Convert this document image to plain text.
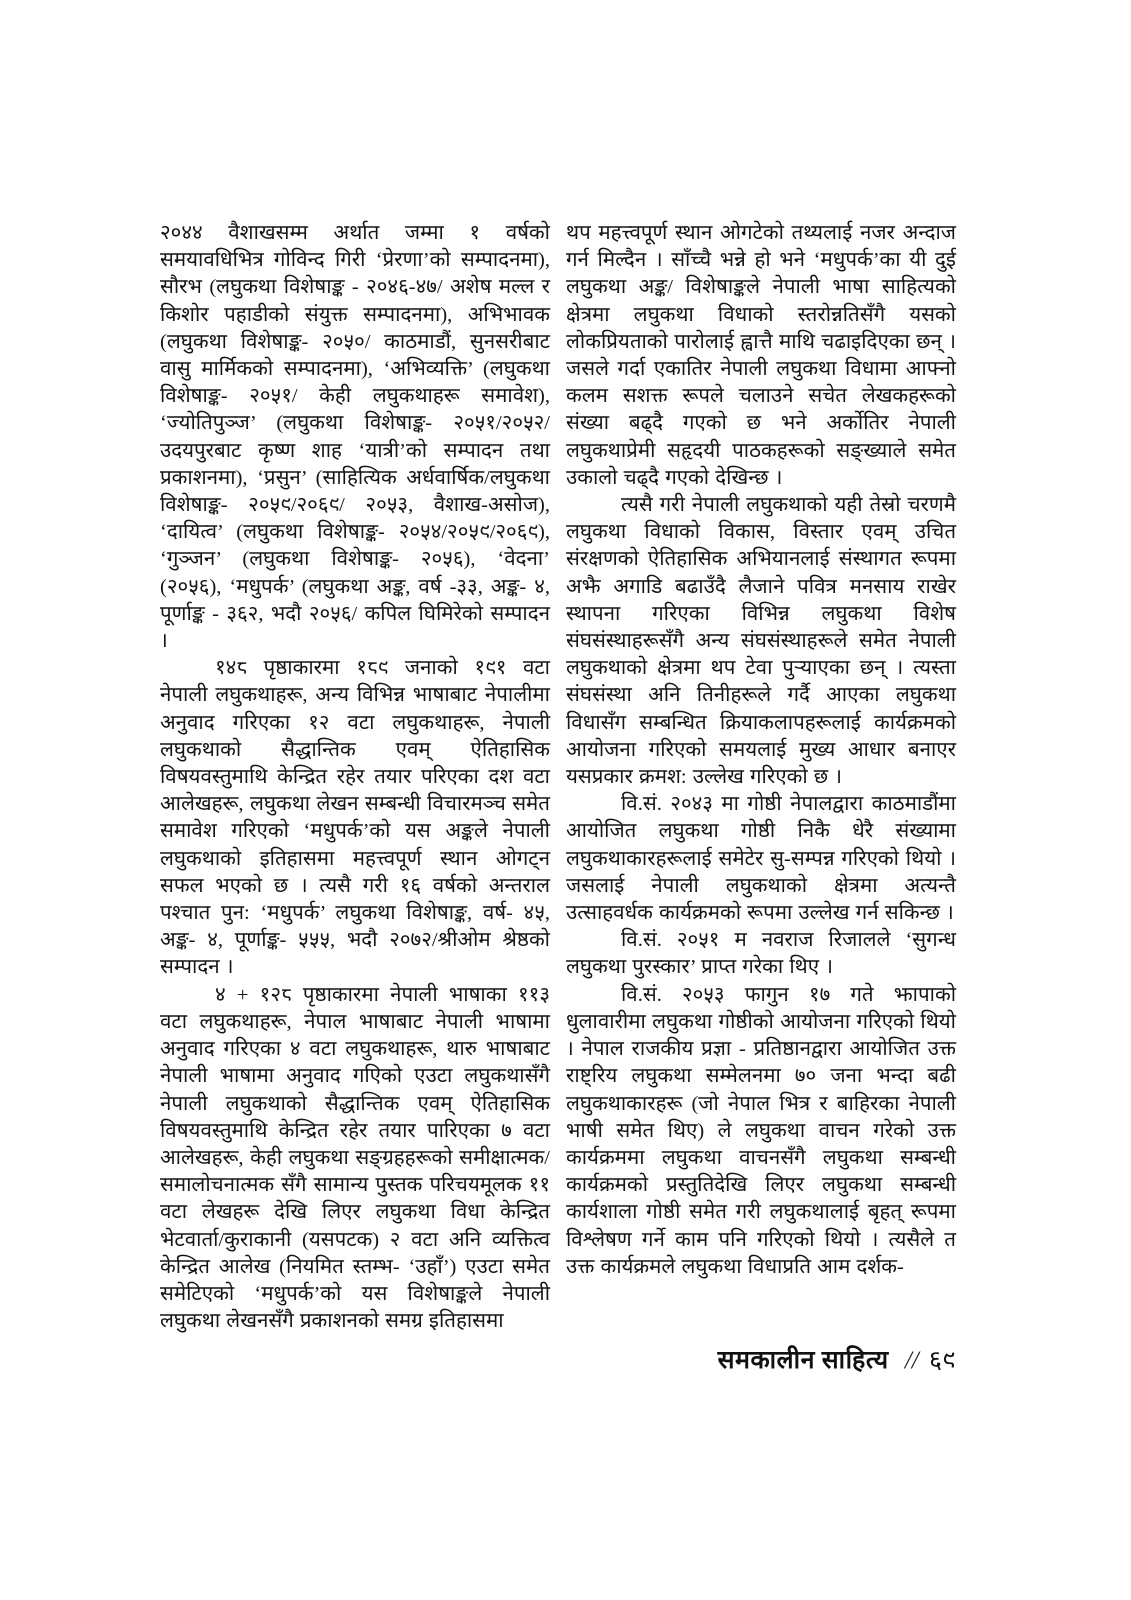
२०४४ वैशाखसम्म अर्थात जम्मा १ वर्षको समयावधिभित्र गोविन्द गिरी ‘प्रेरणा’को सम्पादनमा), सौरभ (लघुकथा विशेषाङ्क - २०४६-४७/ अशेष मल्ल र किशोर पहाडीको संयुक्त सम्पादनमा), अभिभावक (लघुकथा विशेषाङ्क- २०५०/ काठमाडौं, सुनसरीबाट वासु मार्मिकको सम्पादनमा), ‘अभिव्यक्ति’ (लघुकथा विशेषाङ्क- २०५१/ केही लघुकथाहरू समावेश), ‘ज्योतिपुञ्ज’ (लघुकथा विशेषाङ्क- २०५१/२०५२/उदयपुरबाट कृष्ण शाह ‘यात्री’को सम्पादन तथा प्रकाशनमा), ‘प्रसुन’ (साहित्यिक अर्धवार्षिक/लघुकथा विशेषाङ्क- २०५९/२०६९/ २०५३, वैशाख-असोज), ‘दायित्व’ (लघुकथा विशेषाङ्क- २०५४/२०५९/२०६९), ‘गुञ्जन’ (लघुकथा विशेषाङ्क- २०५६), ‘वेदना’ (२०५६), ‘मधुपर्क’ (लघुकथा अङ्क, वर्ष -३३, अङ्क- ४, पूर्णाङ्क - ३६२, भदौ २०५६/ कपिल घिमिरेको सम्पादन ।

१४८ पृष्ठाकारमा १८९ जनाको १९१ वटा नेपाली लघुकथाहरू, अन्य विभिन्न भाषाबाट नेपालीमा अनुवाद गरिएका १२ वटा लघुकथाहरू, नेपाली लघुकथाको सैद्धान्तिक एवम् ऐतिहासिक विषयवस्तुमाथि केन्द्रित रहेर तयार परिएका दश वटा आलेखहरू, लघुकथा लेखन सम्बन्धी विचारमञ्च समेत समावेश गरिएको ‘मधुपर्क’को यस अङ्कले नेपाली लघुकथाको इतिहासमा महत्त्वपूर्ण स्थान ओगट्न सफल भएको छ । त्यसै गरी १६ वर्षको अन्तराल पश्चात पुन: ‘मधुपर्क’ लघुकथा विशेषाङ्क, वर्ष- ४५, अङ्क- ४, पूर्णाङ्क- ५५५, भदौ २०७२/श्रीओम श्रेष्ठको सम्पादन ।

४ + १२८ पृष्ठाकारमा नेपाली भाषाका ११३ वटा लघुकथाहरू, नेपाल भाषाबाट नेपाली भाषामा अनुवाद गरिएका ४ वटा लघुकथाहरू, थारु भाषाबाट नेपाली भाषामा अनुवाद गएिको एउटा लघुकथासँगै नेपाली लघुकथाको सैद्धान्तिक एवम् ऐतिहासिक विषयवस्तुमाथि केन्द्रित रहेर तयार पारिएका ७ वटा आलेखहरू, केही लघुकथा सङ्ग्रहहरूको समीक्षात्मक/समालोचनात्मक सँगै सामान्य पुस्तक परिचयमूलक ११ वटा लेखहरू देखि लिएर लघुकथा विधा केन्द्रित भेटवार्ता/कुराकानी (यसपटक) २ वटा अनि व्यक्तित्व केन्द्रित आलेख (नियमित स्तम्भ- ‘उहाँ’) एउटा समेत समेटिएको ‘मधुपर्क’को यस विशेषाङ्कले नेपाली लघुकथा लेखनसँगै प्रकाशनको समग्र इतिहासमा

थप महत्त्वपूर्ण स्थान ओगटेको तथ्यलाई नजर अन्दाज गर्न मिल्दैन । साँच्चै भन्ने हो भने ‘मधुपर्क’का यी दुई लघुकथा अङ्क/ विशेषाङ्कले नेपाली भाषा साहित्यको क्षेत्रमा लघुकथा विधाको स्तरोन्नतिसँगै यसको लोकप्रियताको पारोलाई ह्वात्तै माथि चढाइदिएका छन् । जसले गर्दा एकातिर नेपाली लघुकथा विधामा आफ्नो कलम सशक्त रूपले चलाउने सचेत लेखकहरूको संख्या बढ्दै गएको छ भने अर्कोतिर नेपाली लघुकथाप्रेमी सहृदयी पाठकहरूको सङ्ख्याले समेत उकालो चढ्दै गएको देखिन्छ ।

त्यसै गरी नेपाली लघुकथाको यही तेस्रो चरणमै लघुकथा विधाको विकास, विस्तार एवम् उचित संरक्षणको ऐतिहासिक अभियानलाई संस्थागत रूपमा अझै अगाडि बढाउँदै लैजाने पवित्र मनसाय राखेर स्थापना गरिएका विभिन्न लघुकथा विशेष संघसंस्थाहरूसँगै अन्य संघसंस्थाहरूले समेत नेपाली लघुकथाको क्षेत्रमा थप टेवा पुऱ्याएका छन् । त्यस्ता संघसंस्था अनि तिनीहरूले गर्दै आएका लघुकथा विधासँग सम्बन्धित क्रियाकलापहरूलाई कार्यक्रमको आयोजना गरिएको समयलाई मुख्य आधार बनाएर यसप्रकार क्रमश: उल्लेख गरिएको छ ।

वि.सं. २०४३ मा गोष्ठी नेपालद्वारा काठमाडौंमा आयोजित लघुकथा गोष्ठी निकै धेरै संख्यामा लघुकथाकारहरूलाई समेटेर सु-सम्पन्न गरिएको थियो । जसलाई नेपाली लघुकथाको क्षेत्रमा अत्यन्तै उत्साहवर्धक कार्यक्रमको रूपमा उल्लेख गर्न सकिन्छ ।

वि.सं. २०५१ म नवराज रिजालले ‘सुगन्ध लघुकथा पुरस्कार’ प्राप्त गरेका थिए ।

वि.सं. २०५३ फागुन १७ गते झापाको धुलावारीमा लघुकथा गोष्ठीको आयोजना गरिएको थियो । नेपाल राजकीय प्रज्ञा - प्रतिष्ठानद्वारा आयोजित उक्त राष्ट्रिय लघुकथा सम्मेलनमा ७० जना भन्दा बढी लघुकथाकारहरू (जो नेपाल भित्र र बाहिरका नेपाली भाषी समेत थिए) ले लघुकथा वाचन गरेको उक्त कार्यक्रममा लघुकथा वाचनसँगै लघुकथा सम्बन्धी कार्यक्रमको प्रस्तुतिदेखि लिएर लघुकथा सम्बन्धी कार्यशाला गोष्ठी समेत गरी लघुकथालाई बृहत् रूपमा विश्लेषण गर्ने काम पनि गरिएको थियो । त्यसैले त उक्त कार्यक्रमले लघुकथा विधाप्रति आम दर्शक-

समकालीन साहित्य // ६९
